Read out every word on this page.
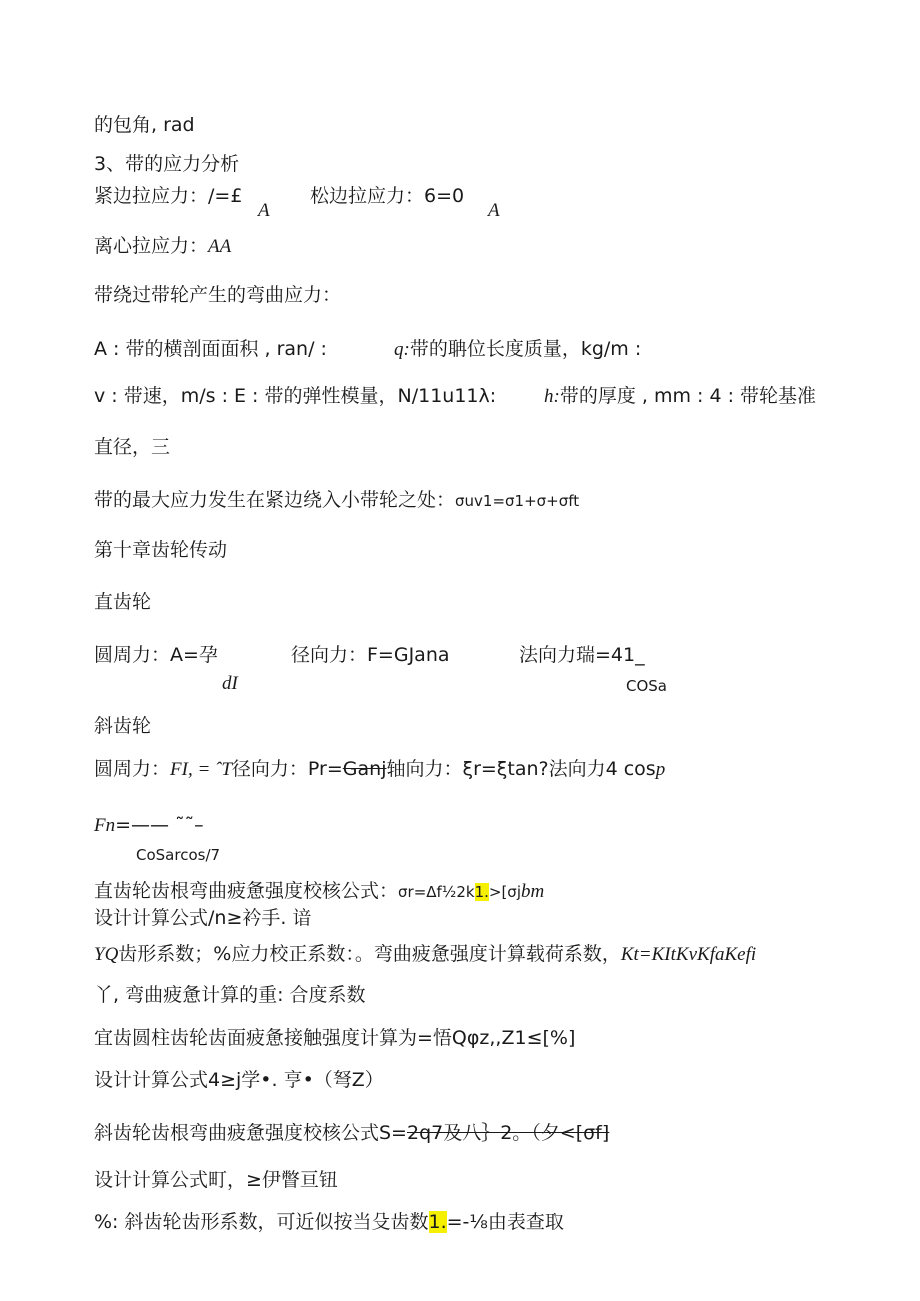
的包角, rad
3、带的应力分析
紧边拉应力：/=£
A
松边拉应力：6=0
A
离心拉应力：AA
带绕过带轮产生的弯曲应力：
A : 带的横剖面面积 , ran/ :	q:带的聃位长度质量，kg/m :
v : 带速，m/s : E : 带的弹性模量，N/11u11λ:	h:带的厚度 , mm : 4 : 带轮基准
直径，三
带的最大应力发生在紧边绕入小带轮之处：σuv1=σ1+σ+σft
第十章齿轮传动
直齿轮
圆周力：A=孕	径向力：F=GJana	法向力瑞=41_
dI	COSa
斜齿轮
圆周力：FI, = ˆT径向力：Pr=Ganj轴向力：ξr=ξtan?法向力4 cosp
Fn=—— ˜˜–
CoSarcos/7
直齿轮齿根弯曲疲惫强度校核公式：σr=Δf½2k1.>[σjbm
设计计算公式/n≥衿手. 谙
YQ齿形系数；%应力校正系数：。弯曲疲惫强度计算载荷系数，Kt=KItKvKfaKefi
丫, 弯曲疲惫计算的重: 合度系数
宜齿圆柱齿轮齿面疲惫接触强度计算为=悟Qφz,,Z1≤[%]
设计计算公式4≥j学•. 亨•（弩Z）
斜齿轮齿根弯曲疲惫强度校核公式S=2q7及八｝2。（夕<[σf]
设计计算公式町，≥伊瞥亘钮
%: 斜齿轮齿形系数，可近似按当殳齿数1.=-⅛由表查取
